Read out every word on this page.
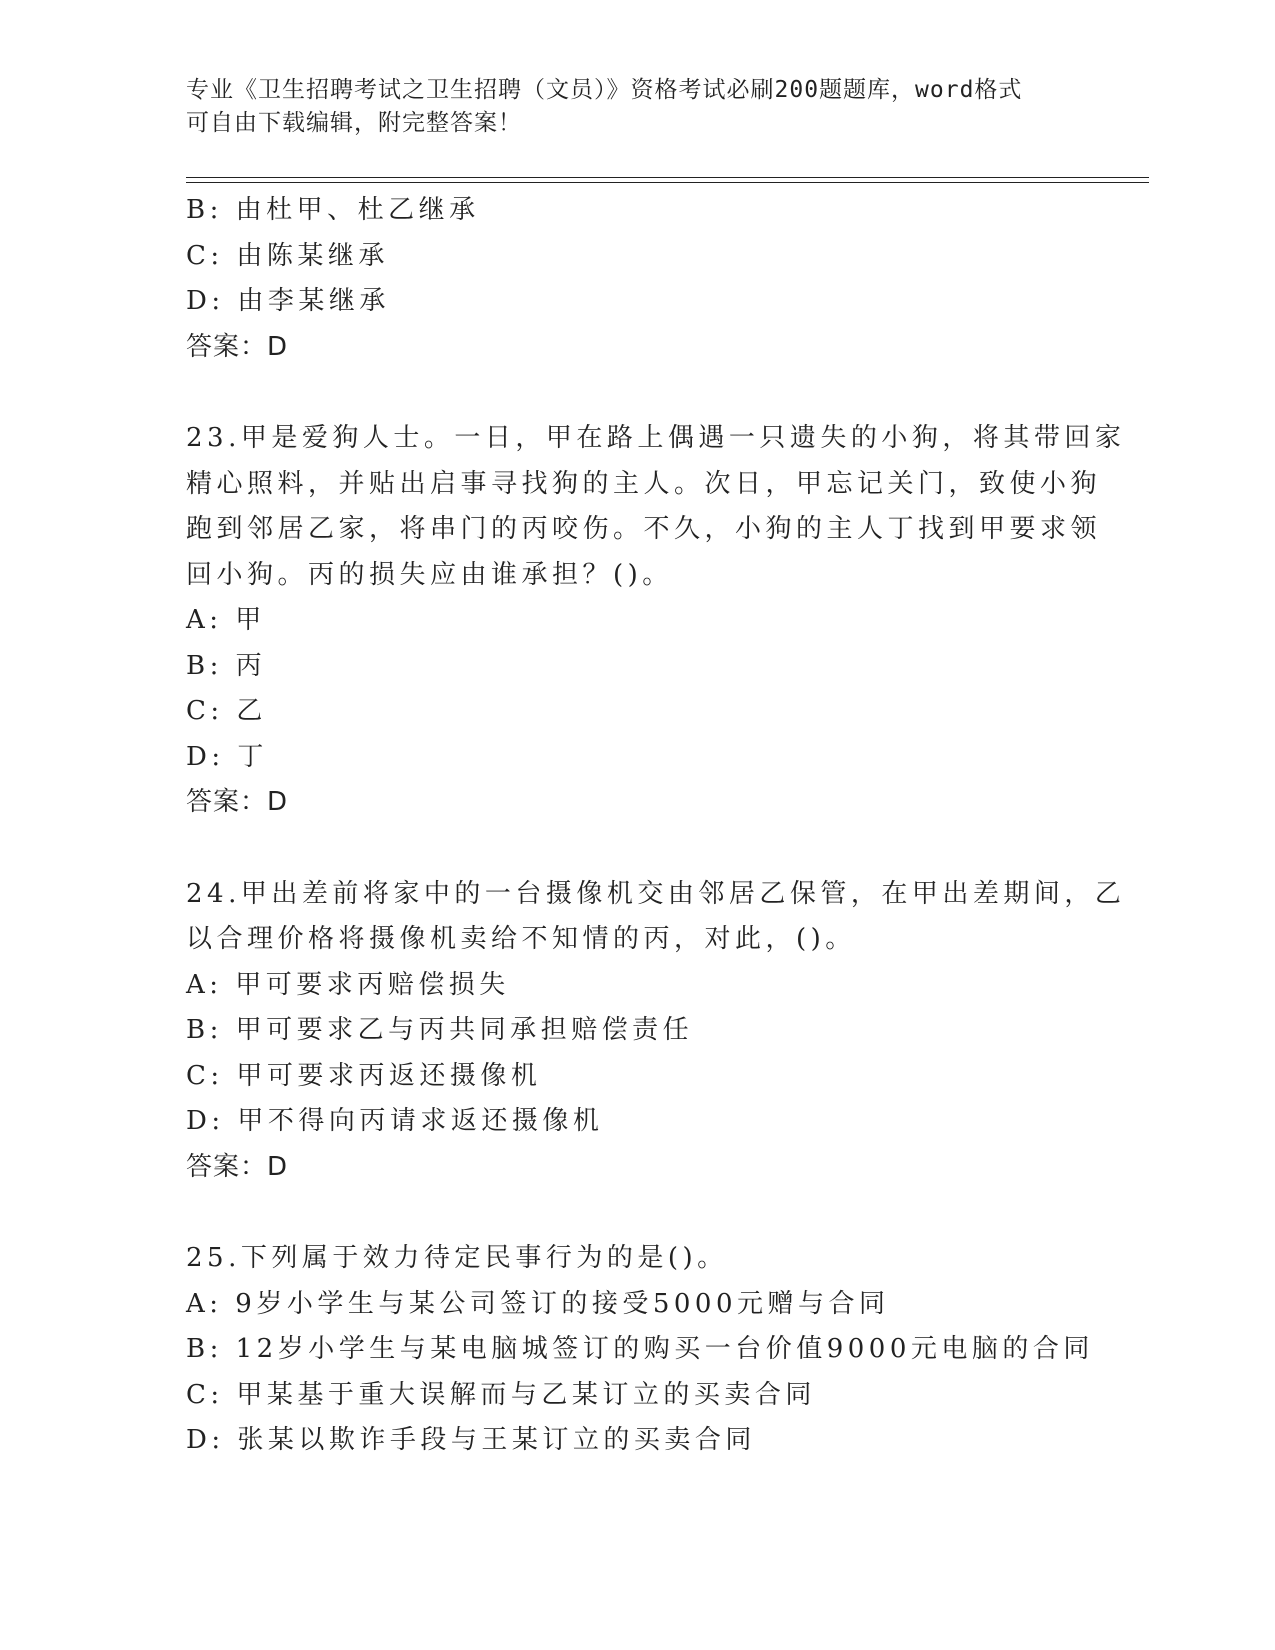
专业《卫生招聘考试之卫生招聘（文员）》资格考试必刷200题题库，word格式
可自由下载编辑，附完整答案！
B: 由杜甲、杜乙继承
C: 由陈某继承
D: 由李某继承
答案：D
23.甲是爱狗人士。一日，甲在路上偶遇一只遗失的小狗，将其带回家
精心照料，并贴出启事寻找狗的主人。次日，甲忘记关门，致使小狗
跑到邻居乙家，将串门的丙咬伤。不久，小狗的主人丁找到甲要求领
回小狗。丙的损失应由谁承担？()。
A: 甲
B: 丙
C: 乙
D: 丁
答案：D
24.甲出差前将家中的一台摄像机交由邻居乙保管，在甲出差期间，乙
以合理价格将摄像机卖给不知情的丙，对此，()。
A: 甲可要求丙赔偿损失
B: 甲可要求乙与丙共同承担赔偿责任
C: 甲可要求丙返还摄像机
D: 甲不得向丙请求返还摄像机
答案：D
25.下列属于效力待定民事行为的是()。
A: 9岁小学生与某公司签订的接受5000元赠与合同
B: 12岁小学生与某电脑城签订的购买一台价值9000元电脑的合同
C: 甲某基于重大误解而与乙某订立的买卖合同
D: 张某以欺诈手段与王某订立的买卖合同
